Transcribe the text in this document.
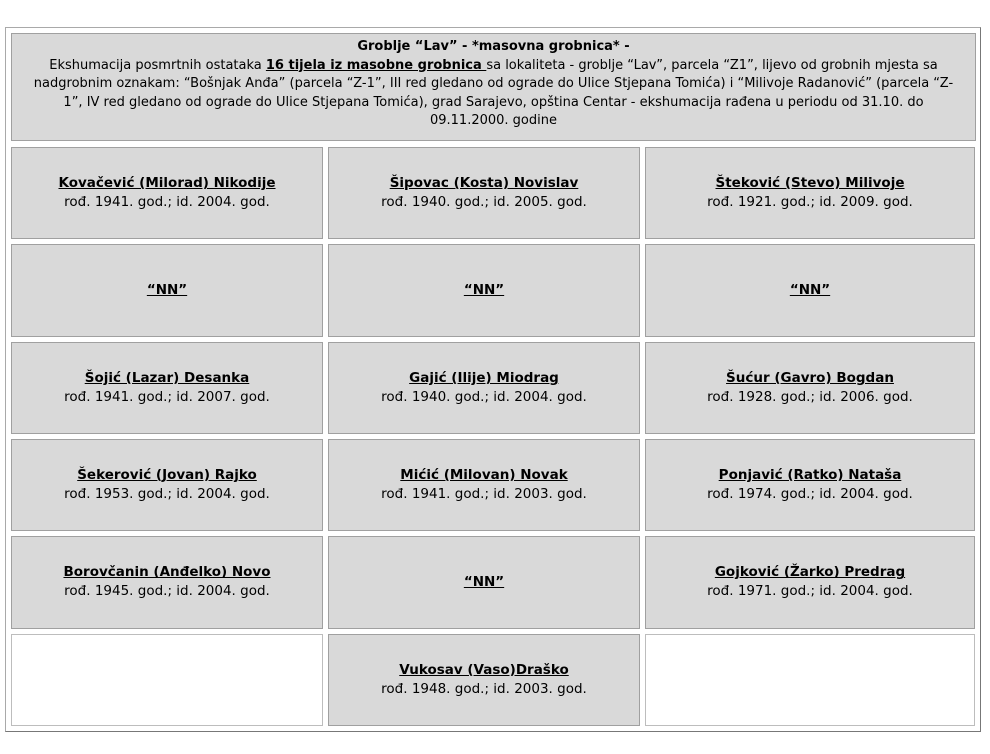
Groblje “Lav” - *masovna grobnica* -
Ekshumacija posmrtnih ostataka 16 tijela iz masobne grobnica sa lokaliteta - groblje “Lav”, parcela “Z1”, lijevo od grobnih mjesta sa nadgrobnim oznakam: “Bošnjak Anđa” (parcela “Z-1”, III red gledano od ograde do Ulice Stjepana Tomića) i “Milivoje Radanović” (parcela “Z-1”, IV red gledano od ograde do Ulice Stjepana Tomića), grad Sarajevo, opština Centar - ekshumacija rađena u periodu od 31.10. do 09.11.2000. godine
Kovačević (Milorad) Nikodije
rođ. 1941. god.; id. 2004. god.
Šipovac (Kosta) Novislav
rođ. 1940. god.; id. 2005. god.
Šteković (Stevo) Milivoje
rođ. 1921. god.; id. 2009. god.
“NN”	“NN”	“NN”
Šojić (Lazar) Desanka
rođ. 1941. god.; id. 2007. god.
Gajić (Ilije) Miodrag
rođ. 1940. god.; id. 2004. god.
Šućur (Gavro) Bogdan
rođ. 1928. god.; id. 2006. god.
Šekerović (Jovan) Rajko
rođ. 1953. god.; id. 2004. god.
Mićić (Milovan) Novak
rođ. 1941. god.; id. 2003. god.
Ponjavić (Ratko) Nataša
rođ. 1974. god.; id. 2004. god.
Borovčanin (Anđelko) Novo
rođ. 1945. god.; id. 2004. god.
“NN”
Gojković (Žarko) Predrag
rođ. 1971. god.; id. 2004. god.
Vukosav (Vaso)Draško
rođ. 1948. god.; id. 2003. god.
